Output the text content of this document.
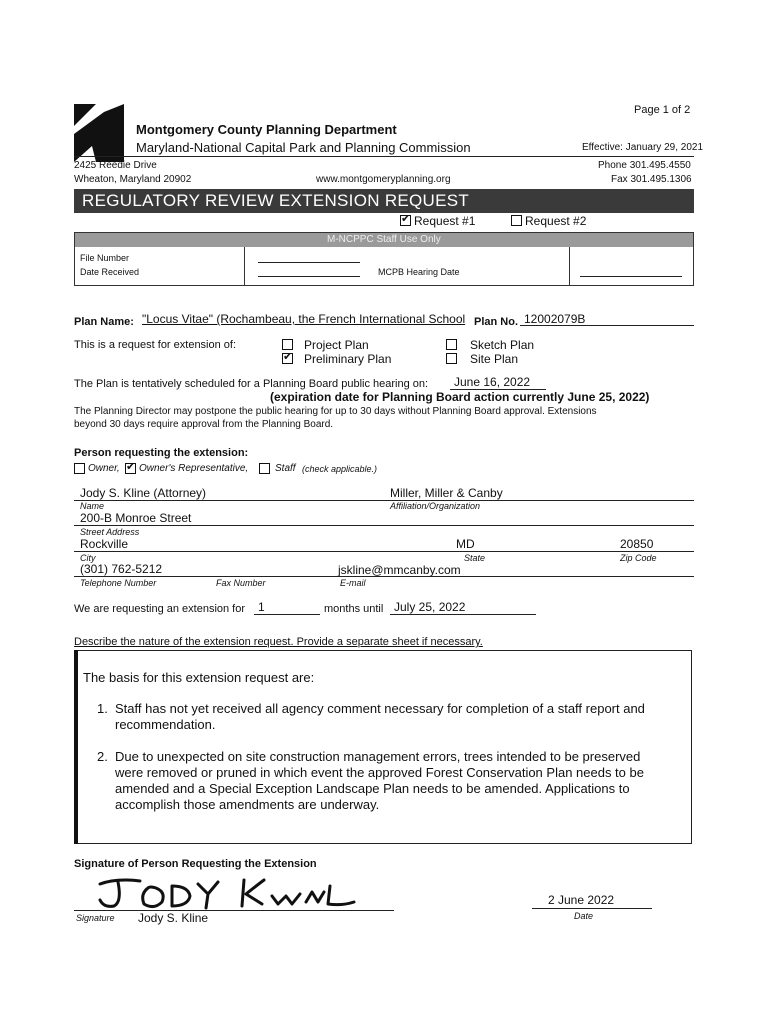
Page 1 of 2
Montgomery County Planning Department
Maryland-National Capital Park and Planning Commission	Effective: January 29, 2021
2425 Reedie Drive
Wheaton, Maryland 20902	www.montgomeryplanning.org
Phone 301.495.4550
Fax 301.495.1306
REGULATORY REVIEW EXTENSION REQUEST
✔
Request #1	Request #2
M-NCPPC Staff Use Only
File Number
Date Received	MCPB Hearing Date
Plan Name: "Locus Vitae" (Rochambeau, the French International School Plan No. 12002079B
This is a request for extension of:	Project Plan
✔
Preliminary Plan
Sketch Plan
Site Plan
The Plan is tentatively scheduled for a Planning Board public hearing on: June 16, 2022
(expiration date for Planning Board action currently June 25, 2022)
The Planning Director may postpone the public hearing for up to 30 days without Planning Board approval. Extensions
beyond 30 days require approval from the Planning Board.
Person requesting the extension:
Owner,
✔ Owner's Representative,	Staff (check applicable.)
Jody S. Kline (Attorney)	Miller, Miller & Canby
Name	Affiliation/Organization
200-B Monroe Street
Street Address
Rockville	MD	20850
City	State	Zip Code
(301) 762-5212	jskline@mmcanby.com
Telephone Number	Fax Number	E-mail
We are requesting an extension for 1	months until July 25, 2022
Describe the nature of the extension request. Provide a separate sheet if necessary.
The basis for this extension request are:
1. Staff has not yet received all agency comment necessary for completion of a staff report and
recommendation.
2. Due to unexpected on site construction management errors, trees intended to be preserved
were removed or pruned in which event the approved Forest Conservation Plan needs to be
amended and a Special Exception Landscape Plan needs to be amended. Applications to
accomplish those amendments are underway.
Signature of Person Requesting the Extension
Signature Jody S. Kline
2 June 2022
Date
